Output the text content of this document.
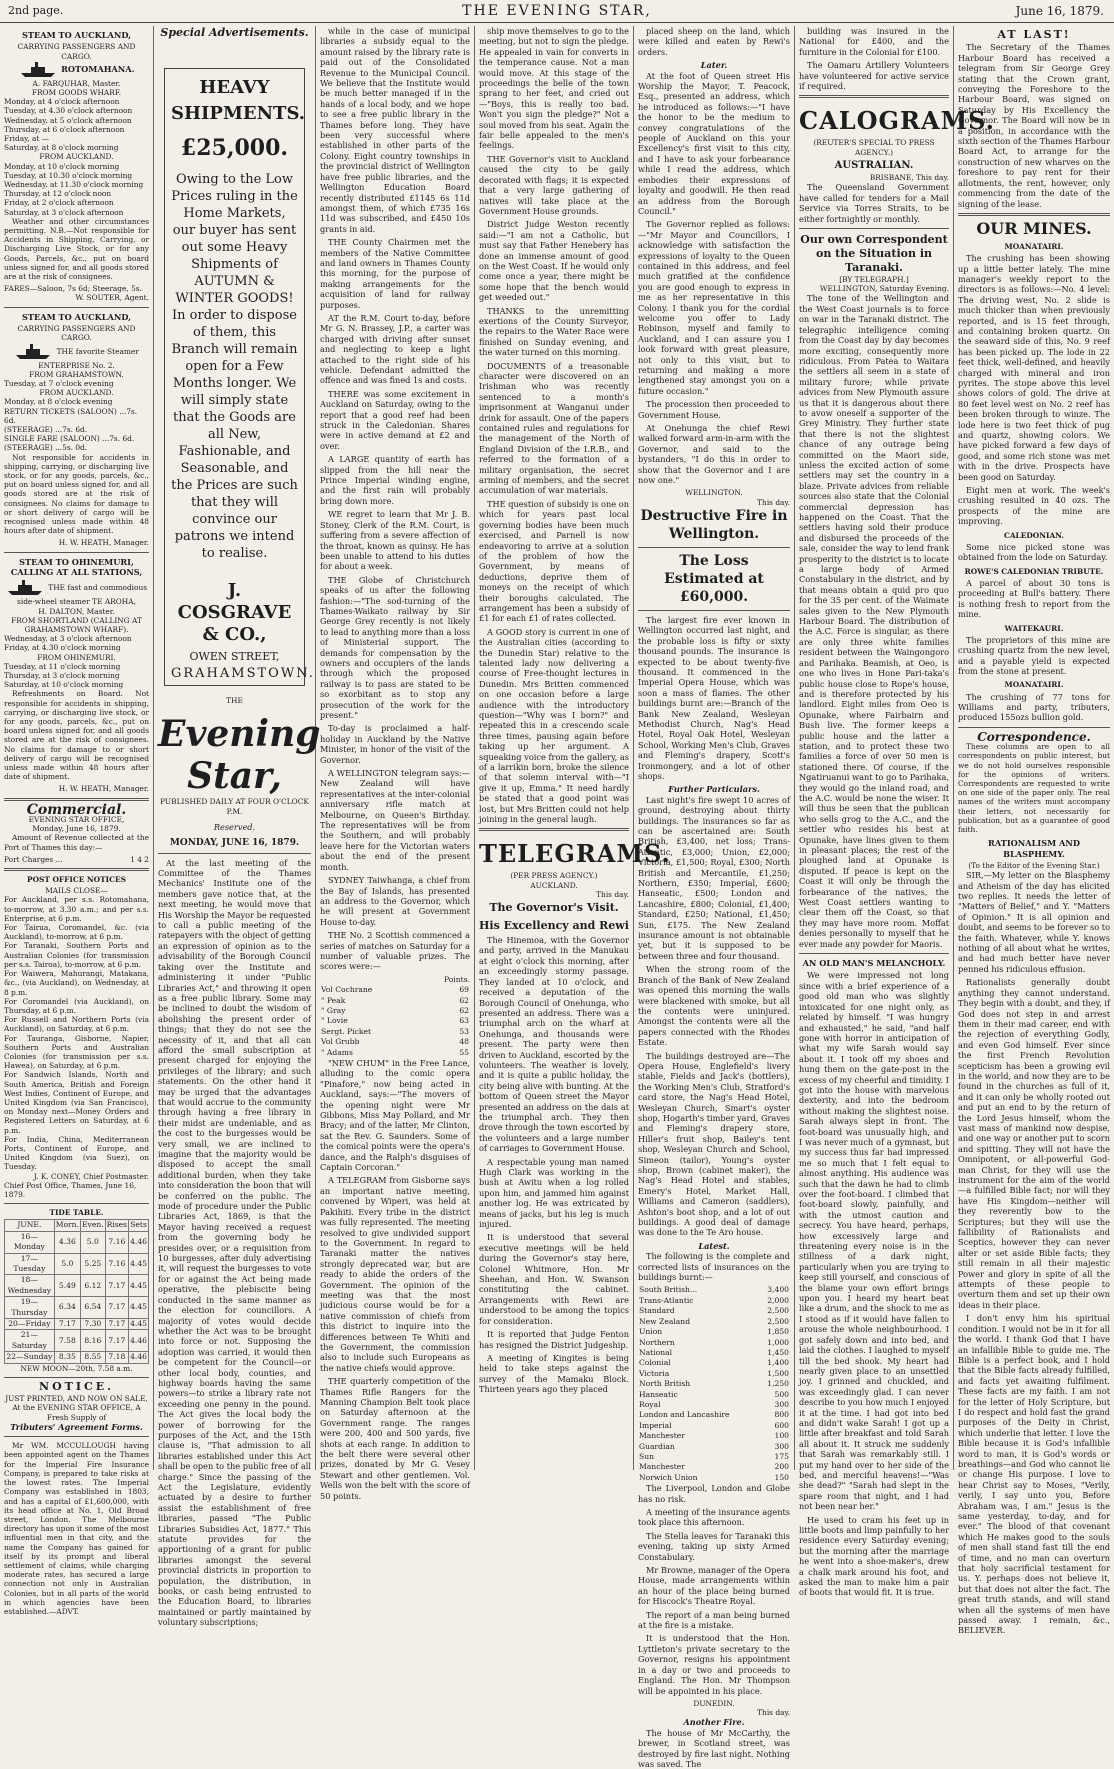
2nd page.	THE EVENING STAR,	June 16, 1879.
STEAM TO AUCKLAND,
CARRYING PASSENGERS AND CARGO.
ROTOMAHANA.
A. FARQUHAR, Master.
FROM GOODS WHARF.
Monday, at 4 o'clock afternoon
Tuesday, at 4.30 o'clock afternoon
Wednesday, at 5 o'clock afternoon
Thursday, at 6 o'clock afternoon
Friday, at —
Saturday, at 8 o'clock morning
FROM AUCKLAND.
Monday, at 10 o'clock morning
Tuesday, at 10.30 o'clock morning
Wednesday, at 11.30 o'clock morning
Thursday, at 12 o'clock noon
Friday, at 2 o'clock afternoon
Saturday, at 3 o'clock afternoon

Weather and other circumstances permitting. N.B.—Not responsible for Accidents in Shipping, Carrying, or Discharging Live Stock, or for any Goods, Parcels, &c., put on board unless signed for, and all goods stored are at the risk of consignees.

FARES—Saloon, 7s 6d; Steerage, 5s.
W. SOUTER, Agent.
STEAM TO AUCKLAND,
CARRYING PASSENGERS AND CARGO.
THE favorite Steamer ENTERPRISE No. 2.
FROM GRAHAMSTOWN.
Tuesday, at 7 o'clock evening
FROM AUCKLAND.
Monday, at 8 o'clock evening
RETURN TICKETS (SALOON) ...7s. 6d.
(STEERAGE) ...7s. 6d.
SINGLE FARE (SALOON) ...7s. 6d.
(STEERAGE) ...5s. 0d.

Not responsible for accidents in shipping, carrying, or discharging live stock, or for any goods, parcels, &c., put on board unless signed for, and all goods stored are at the risk of consignees. No claims for damage to or short delivery of cargo will be recognised unless made within 48 hours after date of shipment.

H. W. HEATH, Manager.
STEAM TO OHINEMURI, CALLING AT ALL STATIONS,
THE fast and commodious side-wheel steamer TE AROHA,
H. DALTON, Master.
FROM SHORTLAND (CALLING AT GRAHAMSTOWN WHARF).
Wednesday, at 3 o'clock afternoon
Friday, at 4.30 o'clock morning
FROM OHINEMURI.
Tuesday, at 11 o'clock morning
Thursday, at 3 o'clock morning
Saturday, at 10 o'clock morning

Refreshments on Board. Not responsible for accidents in shipping, carrying, or discharging live stock, or for any goods, parcels, &c., put on board unless signed for, and all goods stored are at the risk of consignees. No claims for damage to or short delivery of cargo will be recognised unless made within 48 hours after date of shipment.

H. W. HEATH, Manager.
Commercial.
EVENING STAR OFFICE,
Monday, June 16, 1879.

Amount of Revenue collected at the Port of Thames this day:—

Port Charges ...	1 4 2
POST OFFICE NOTICES
MAILS CLOSE—
For Auckland, per s.s. Rotomahana, to-morrow, at 3.30 a.m.; and per s.s. Enterprise, at 6 p.m.
For Tairua, Coromandel, &c. (via Auckland), to-morrow, at 6 p.m.
For Taranaki, Southern Ports and Australian Colonies (for transmission per s.s. Tairoa), to-morrow, at 6 p.m.
For Waiwera, Mahurangi, Matakana, &c., (via Auckland), on Wednesday, at 8 p.m.
For Coromandel (via Auckland), on Thursday, at 6 p.m.
For Russell and Northern Ports (via Auckland), on Saturday, at 6 p.m.
For Tauranga, Gisborne, Napier, Southern Ports and Australian Colonies (for transmission per s.s. Hawea), on Saturday, at 6 p.m.
For Sandwich Islands, North and South America, British and Foreign West Indies, Continent of Europe, and United Kingdom (via San Francisco), on Monday next—Money Orders and Registered Letters on Saturday, at 6 p.m.
For India, China, Mediterranean Ports, Continent of Europe, and United Kingdom (via Suez), on Tuesday.
J. K. CONEY, Chief Postmaster.
Chief Post Office, Thames, June 16, 1879.
TIDE TABLE.
JUNE.	Morn.	Even.	Rises	Sets
16—Monday	4.36	5.0	7.16	4.46
17—Tuesday	5.0	5.25	7.16	4.45
18—Wednesday	5.49	6.12	7.17	4.45
19—Thursday	6.34	6.54	7.17	4.45
20—Friday	7.17	7.30	7.17	4.45
21—Saturday	7.58	8.16	7.17	4.46
22—Sunday	8.35	8.55	7.18	4.46
NEW MOON—20th, 7.58 a.m.
NOTICE.
JUST PRINTED, AND NOW ON SALE, At the EVENING STAR OFFICE, A Fresh Supply of
Tributers' Agreement Forms.

Mr WM. MCCULLOUGH having been appointed agent on the Thames for the Imperial Fire Insurance Company, is prepared to take risks at the lowest rates. The Imperial Company was established in 1803, and has a capital of £1,600,000, with its head office at No. 1, Old Broad street, London. The Melbourne directory has upon it some of the most influential men in that city, and the name the Company has gained for itself by its prompt and liberal settlement of claims, while charging moderate rates, has secured a large connection not only in Australian Colonies, but in all parts of the world in which agencies have been established.—ADVT.

Special Advertisements.
HEAVY SHIPMENTS.
£25,000.
Owing to the Low Prices ruling in the Home Markets, our buyer has sent out some Heavy Shipments of AUTUMN & WINTER GOODS! In order to dispose of them, this Branch will remain open for a Few Months longer. We will simply state that the Goods are all New, Fashionable, and Seasonable, and the Prices are such that they will convince our patrons we intend to realise.
J. COSGRAVE & CO.,
OWEN STREET,
GRAHAMSTOWN.
THE
Evening Star,
PUBLISHED DAILY AT FOUR O'CLOCK P.M.
Reserved.
MONDAY, JUNE 16, 1879.

At the last meeting of the Committee of the Thames Mechanics' Institute one of the members gave notice that, at the next meeting, he would move that His Worship the Mayor be requested to call a public meeting of the ratepayers with the object of getting an expression of opinion as to the advisability of the Borough Council taking over the Institute and administering it under "Public Libraries Act," and throwing it open as a free public library. Some may be inclined to doubt the wisdom of abolishing the present order of things; that they do not see the necessity of it, and that all can afford the small subscription at present charged for enjoying the privileges of the library; and such statements. On the other hand it may be urged that the advantages that would accrue to the community through having a free library in their midst are undeniable, and as the cost to the burgesses would be very small, we are inclined to imagine that the majority would be disposed to accept the small additional burden, when they take into consideration the boon that will be conferred on the public. The mode of procedure under the Public Libraries Act, 1869, is that the Mayor having received a request from the governing body he presides over, or a requisition from 10 burgesses, after duly advertising it, will request the burgesses to vote for or against the Act being made operative, the plebiscite being conducted in the same manner as the election for councillors. A majority of votes would decide whether the Act was to be brought into force or not. Supposing the adoption was carried, it would then be competent for the Council—or other local body, counties, and highway boards having the same powers—to strike a library rate not exceeding one penny in the pound. The Act gives the local body the power of borrowing for the purposes of the Act, and the 15th clause is, "That admission to all libraries established under this Act shall be open to the public free of all charge." Since the passing of the Act the Legislature, evidently actuated by a desire to further assist the establishment of free libraries, passed "The Public Libraries Subsidies Act, 1877." This statute provides for the apportioning of a grant for public libraries amongst the several provincial districts in proportion to population, the distribution, in books, or cash being entrusted to the Education Board, to libraries maintained or partly maintained by voluntary subscriptions;

while in the case of municipal libraries a subsidy equal to the amount raised by the library rate is paid out of the Consolidated Revenue to the Municipal Council. We believe that the Institute would be much better managed if in the hands of a local body, and we hope to see a free public library in the Thames before long. They have been very successful where established in other parts of the Colony. Eight country townships in the provincial district of Wellington have free public libraries, and the Wellington Education Board recently distributed £1145 6s 11d amongst them, of which £735 16s 11d was subscribed, and £450 10s grants in aid.

THE County Chairmen met the members of the Native Committee and land owners in Thames County this morning, for the purpose of making arrangements for the acquisition of land for railway purposes.

AT the R.M. Court to-day, before Mr G. N. Brassey, J.P., a carter was charged with driving after sunset and neglecting to keep a light attached to the right side of his vehicle. Defendant admitted the offence and was fined 1s and costs.

THERE was some excitement in Auckland on Saturday, owing to the report that a good reef had been struck in the Caledonian. Shares were in active demand at £2 and over.

A LARGE quantity of earth has slipped from the hill near the Prince Imperial winding engine, and the first rain will probably bring down more.

WE regret to learn that Mr J. B. Stoney, Clerk of the R.M. Court, is suffering from a severe affection of the throat, known as quinsy. He has been unable to attend to his duties for about a week.

THE Globe of Christchurch speaks of us after the following fashion:—"The sod-turning of the Thames-Waikato railway by Sir George Grey recently is not likely to lead to anything more than a loss of Ministerial support. The demands for compensation by the owners and occupiers of the lands through which the proposed railway is to pass are stated to be so exorbitant as to stop any prosecution of the work for the present."

To-day is proclaimed a half-holiday in Auckland by the Native Minister, in honor of the visit of the Governor.

A WELLINGTON telegram says:—New Zealand will have representatives at the inter-colonial anniversary rifle match at Melbourne, on Queen's Birthday. The representatives will be from the Southern, and will probably leave here for the Victorian waters about the end of the present month.

SYDNEY Taiwhanga, a chief from the Bay of Islands, has presented an address to the Governor, which he will present at Government House to-day.

THE No. 2 Scottish commenced a series of matches on Saturday for a number of valuable prizes. The scores were:—

Points.
Vol Cochrane	69
" Peak	62
" Gray	62
" Lovie	63
Sergt. Picket	53
Vol Grubb	48
" Adams	55

"NEW CHUM" in the Free Lance, alluding to the comic opera "Pinafore," now being acted in Auckland, says:—"The movers of the opening night were Mr Gibbons, Miss May Pollard, and Mr Bracy; and of the latter, Mr Clinton, sat the Rev. G. Saunders. Some of the comical points were the opera's dance, and the Ralph's disguises of Captain Corcoran."

A TELEGRAM from Gisborne says an important native meeting, convened by Wiperi, was held at Pakihiti. Every tribe in the district was fully represented. The meeting resolved to give undivided support to the Government. In regard to Taranaki matter the natives strongly deprecated war, but are ready to abide the orders of the Government. The opinion of the meeting was that the most judicious course would be for a native commission of chiefs from this district to inquire into the differences between Te Whiti and the Government, the commission also to include such Europeans as the native chiefs would approve.

THE quarterly competition of the Thames Rifle Rangers for the Manning Champion Belt took place on Saturday afternoon at the Government range. The ranges were 200, 400 and 500 yards, five shots at each range. In addition to the belt there were several other prizes, donated by Mr G. Vesey Stewart and other gentlemen. Vol. Wells won the belt with the score of 50 points.

ship move themselves to go to the meeting, but not to sign the pledge. He appealed in vain for converts in the temperance cause. Not a man would move. At this stage of the proceedings the belle of the town sprang to her feet, and cried out—"Boys, this is really too bad. Won't you sign the pledge?" Not a soul moved from his seat. Again the fair belle appealed to the men's feelings.

THE Governor's visit to Auckland caused the city to be gaily decorated with flags; it is expected that a very large gathering of natives will take place at the Government House grounds.

District Judge Weston recently said:—"I am not a Catholic, but must say that Father Henebery has done an immense amount of good on the West Coast. If he would only come once a year, there might be some hope that the bench would get weeded out."

THANKS to the unremitting exertions of the County Surveyor, the repairs to the Water Race were finished on Sunday evening, and the water turned on this morning.

DOCUMENTS of a treasonable character were discovered on an Irishman who was recently sentenced to a month's imprisonment at Wanganui under drink for assault. One of the papers contained rules and regulations for the management of the North of England Division of the I.R.B., and referred to the formation of a military organisation, the secret arming of members, and the secret accumulation of war materials.

THE question of subsidy is one on which for years past local governing bodies have been much exercised, and Parnell is now endeavoring to arrive at a solution of the problem of how the Government, by means of deductions, deprive them of moneys on the receipt of which their boroughs calculated. The arrangement has been a subsidy of £1 for each £1 of rates collected.

A GOOD story is current in one of the Australian cities (according to the Dunedin Star) relative to the talented lady now delivering a course of Free-thought lectures in Dunedin. Mrs Britten commenced on one occasion before a large audience with the introductory question—"Why was I born?" and repeated this in a crescendo scale three times, pausing again before taking up her argument. A squeaking voice from the gallery, as of a larrikin born, broke the silence of that solemn interval with—"I give it up, Emma." It need hardly be stated that a good point was lost, but Mrs Britten could not help joining in the general laugh.

TELEGRAMS.
(PER PRESS AGENCY.)
AUCKLAND.
This day.
The Governor's Visit.
His Excellency and Rewi

The Hinemoa, with the Governor and party, arrived in the Manukau at eight o'clock this morning, after an exceedingly stormy passage. They landed at 10 o'clock, and received a deputation of the Borough Council of Onehunga, who presented an address. There was a triumphal arch on the wharf at Onehunga, and thousands were present. The party were then driven to Auckland, escorted by the volunteers. The weather is lovely, and it is quite a public holiday, the city being alive with bunting. At the bottom of Queen street the Mayor presented an address on the dais at the triumphal arch. They then drove through the town escorted by the volunteers and a large number of carriages to Government House.

A respectable young man named Hugh Clark was working in the bush at Awitu when a log rolled upon him, and jammed him against another log. He was extricated by means of jacks, but his leg is much injured.

It is understood that several executive meetings will be held during the Governor's stay here, Colonel Whitmore, Hon. Mr Sheehan, and Hon. W. Swanson constituting the cabinet. Arrangements with Rewi are understood to be among the topics for consideration.

It is reported that Judge Fenton has resigned the District Judgeship.

A meeting of Kingites is being held to take steps against the survey of the Mamaku Block. Thirteen years ago they placed

placed sheep on the land, which were killed and eaten by Rewi's orders.

Later.

At the foot of Queen street His Worship the Mayor, T. Peacock, Esq., presented an address, which he introduced as follows:—"I have the honor to be the medium to convey congratulations of the people of Auckland on this your Excellency's first visit to this city, and I have to ask your forbearance while I read the address, which embodies their expressions of loyalty and goodwill. He then read an address from the Borough Council."

The Governor replied as follows:—"Mr Mayor and Councillors, I acknowledge with satisfaction the expressions of loyalty to the Queen contained in this address, and feel much gratified at the confidence you are good enough to express in me as her representative in this Colony. I thank you for the cordial welcome you offer to Lady Robinson, myself and family to Auckland, and I can assure you I look forward with great pleasure, not only to this visit, but to returning and making a more lengthened stay amongst you on a future occasion."

The procession then proceeded to Government House.

At Onehunga the chief Rewi walked forward arm-in-arm with the Governor, and said to the bystanders, "I do this in order to show that the Governor and I are now one."

WELLINGTON.
This day.
Destructive Fire in Wellington.
The Loss Estimated at £60,000.

The largest fire ever known in Wellington occurred last night, and the probable loss is fifty or sixty thousand pounds. The insurance is expected to be about twenty-five thousand. It commenced in the Imperial Opera House, which was soon a mass of flames. The other buildings burnt are:—Branch of the Bank New Zealand, Wesleyan Methodist Church, Nag's Head Hotel, Royal Oak Hotel, Wesleyan School, Working Men's Club, Graves and Fleming's drapery, Scott's Ironmongery, and a lot of other shops.

Further Particulars.

Last night's fire swept 10 acres of ground, destroying about thirty buildings. The insurances so far as can be ascertained are: South British, £3,400, net loss; Trans-Atlantic, £3,000; Union, £2,000; Victoria, £1,500; Royal, £300; North British and Mercantile, £1,250; Northern, £350; Imperial, £600; Hanseatic, £500; London and Lancashire, £800; Colonial, £1,400; Standard, £250; National, £1,450; Sun, £175. The New Zealand insurance amount is not obtainable yet, but it is supposed to be between three and four thousand.

When the strong room of the Branch of the Bank of New Zealand was opened this morning the walls were blackened with smoke, but all the contents were uninjured. Amongst the contents were all the papers connected with the Rhodes Estate.

The buildings destroyed are—The Opera House, Englefield's livery stable, Fields and Jack's (bottlers), the Working Men's Club, Stratford's card store, the Nag's Head Hotel, Wesleyan Church, Smart's oyster shop, Hogarth's timber yard, Graves and Fleming's drapery store, Hiller's fruit shop, Bailey's tent shop, Wesleyan Church and School, Simeon (tailor), Young's oyster shop, Brown (cabinet maker), the Nag's Head Hotel and stables, Emery's Hotel, Market Hall, Williams and Cameron (saddlers), Ashton's boot shop, and a lot of out buildings. A good deal of damage was done to the Te Aro house.

Latest.

The following is the complete and corrected lists of insurances on the buildings burnt:—

South British...	3,400
Trans-Atlantic	2,000
Standard	2,500
New Zealand	2,500
Union	1,850
Northern	1,000
National	1,450
Colonial	1,400
Victoria	1,500
North British	1,250
Hanseatic	500
Royal	300
London and Lancashire	800
Imperial	600
Manchester	100
Guardian	300
Sun	175
Manchester	200
Norwich Union	150

The Liverpool, London and Globe has no risk.

A meeting of the insurance agents took place this afternoon.

The Stella leaves for Taranaki this evening, taking up sixty Armed Constabulary.

Mr Browne, manager of the Opera House, made arrangements within an hour of the place being burned for Hiscock's Theatre Royal.

The report of a man being burned at the fire is a mistake.

It is understood that the Hon. Lyttleton's private secretary to the Governor, resigns his appointment in a day or two and proceeds to England. The Hon. Mr Thompson will be appointed in his place.

DUNEDIN.
This day.
Another Fire.

The house of Mr McCarthy, the brewer, in Scotland street, was destroyed by fire last night. Nothing was saved. The

building was insured in the National for £400, and the furniture in the Colonial for £100.

The Oamaru Artillery Volunteers have volunteered for active service if required.

CALOGRAMS.
(REUTER'S SPECIAL TO PRESS AGENCY.)
AUSTRALIAN.
BRISBANE, This day.

The Queensland Government have called for tenders for a Mail Service via Torres Straits, to be either fortnightly or monthly.

Our own Correspondent on the Situation in Taranaki.
[BY TELEGRAPH.]
WELLINGTON, Saturday Evening.

The tone of the Wellington and the West Coast journals is to force on war in the Taranaki district. The telegraphic intelligence coming from the Coast day by day becomes more exciting, consequently more ridiculous. From Patea to Waitara the settlers all seem in a state of military furore; while private advices from New Plymouth assure us that it is dangerous about there to avow oneself a supporter of the Grey Ministry. They further state that there is not the slightest chance of any outrage being committed on the Maori side, unless the excited action of some settlers may set the country in a blaze. Private advices from reliable sources also state that the Colonial commercial depression has happened on the Coast. That the settlers having sold their produce and disbursed the proceeds of the sale, consider the way to lend frank prosperity to the district is to locate a large body of Armed Constabulary in the district, and by that means obtain a quid pro quo for the 35 per cent. of the Waimate sales given to the New Plymouth Harbour Board. The distribution of the A.C. Force is singular, as there are only three white families resident between the Waingongoro and Parihaka. Beamish, at Oeo, is one who lives in Hone Pari-taka's public house close to Rope's house, and is therefore protected by his landlord. Eight miles from Oeo is Opunake, where Fairbairn and Bush live. The former keeps a public house and the latter a station, and to protect these two families a force of over 50 men is stationed there. Of course, if the Ngatiruanui want to go to Parihaka, they would go the inland road, and the A.C. would be none the wiser. It will thus be seen that the publican who sells grog to the A.C., and the settler who resides his best at Opunake, have lines given to them in pleasant places; the rest of the ploughed land at Opunake is disputed. If peace is kept on the Coast it will only be through the forbearance of the natives, the West Coast settlers wanting to clear them off the Coast, so that they may have more room. Moffat denies personally to myself that he ever made any powder for Maoris.

AN OLD MAN'S MELANCHOLY.

We were impressed not long since with a brief experience of a good old man who was slightly intoxicated for one night only, as related by himself. "I was hungry and exhausted," he said, "and half gone with horror in anticipation of what my wife Sarah would say about it. I took off my shoes and hung them on the gate-post in the excess of my cheerful and timidity. I got into the house with marvelous dexterity, and into the bedroom without making the slightest noise. Sarah always slept in front. The foot-board was unusually high, and I was never much of a gymnast, but my success thus far had impressed me so much that I felt equal to almost anything. His audience was such that the dawn he had to climb over the foot-board. I climbed that foot-board slowly, painfully, and with the utmost caution and secrecy. You have heard, perhaps, how excessively large and threatening every noise is in the stillness of a dark night, particularly when you are trying to keep still yourself, and conscious of the blame your own effort brings upon you. I heard my heart beat like a drum, and the shock to me as I stood as if it would have fallen to arouse the whole neighbourhood. I got safely down and into bed, and laid the clothes. I laughed to myself till the bed shook. My heart had nearly given place to an unsettled joy. I grinned and chuckled, and was exceedingly glad. I can never describe to you how much I enjoyed it at the time. I had got into bed and didn't wake Sarah! I got up a little after breakfast and told Sarah all about it. It struck me suddenly that Sarah was remarkably still. I put my hand over to her side of the bed, and merciful heavens!—"Was she dead?" "Sarah had slept in the spare room that night, and I had not been near her."

He used to cram his feet up in little boots and limp painfully to her residence every Saturday evening; but the morning after the marriage he went into a shoe-maker's, drew a chalk mark around his foot, and asked the man to make him a pair of boots that would fit. It is true.

AT LAST!

The Secretary of the Thames Harbour Board has received a telegram from Sir George Grey stating that the Crown grant, conveying the Foreshore to the Harbour Board, was signed on Saturday by His Excellency the Governor. The Board will now be in a position, in accordance with the sixth section of the Thames Harbour Board Act, to arrange for the construction of new wharves on the foreshore to pay rent for their allotments, the rent, however, only commencing from the date of the signing of the lease.

OUR MINES.
MOANATAIRI.

The crushing has been showing up a little better lately. The mine manager's weekly report to the directors is as follows:—No. 4 level: The driving west, No. 2 slide is much thicker than when previously reported, and is 15 feet through, and containing broken quartz. On the seaward side of this, No. 9 reef has been picked up. The lode in 22 feet thick, well-defined, and heavily charged with mineral and iron pyrites. The stope above this level shows colors of gold. The drive at 80 feet level west on No. 2 reef has been broken through to winze. The lode here is two feet thick of pug and quartz, showing colors. We have picked forward a few days of good, and some rich stone was met with in the drive. Prospects have been good on Saturday.

Eight men at work. The week's crushing resulted in 40 ozs. The prospects of the mine are improving.

CALEDONIAN.

Some nice picked stone was obtained from the lode on Saturday.

ROWE'S CALEDONIAN TRIBUTE.

A parcel of about 30 tons is proceeding at Bull's battery. There is nothing fresh to report from the mine.

WAITEKAURI.

The proprietors of this mine are crushing quartz from the new level, and a payable yield is expected from the stone at present.

MOANATAIRI.

The crushing of 77 tons for Williams and party, tributers, produced 155ozs bullion gold.

Correspondence.

These columns are open to all correspondents on public interest, but we do not hold ourselves responsible for the opinions of writers. Correspondents are requested to write on one side of the paper only. The real names of the writers must accompany their letters, not necessarily for publication, but as a guarantee of good faith.

RATIONALISM AND BLASPHEMY.
(To the Editor of the Evening Star.)

SIR,—My letter on the Blasphemy and Atheism of the day has elicited two replies. It needs the letter of "Matters of Belief," and Y. "Matters of Opinion." It is all opinion and doubt, and seems to be forever so to the faith. Whatever, while Y. knows nothing of all about what he writes, and had much better have never penned his ridiculous effusion.

Rationalists generally doubt anything they cannot understand. They begin with a doubt, and they, if God does not step in and arrest them in their mad career, end with the rejection of everything Godly, and even God himself. Ever since the first French Revolution scepticism has been a growing evil in the world, and now they are to be found in the churches as full of it, and it can only be wholly rooted out and put an end to by the return of the Lord Jesus himself, whom the vast mass of mankind now despise, and one way or another put to scorn and spitting. They will not have the Omnipotent, or all-powerful God-man Christ, for they will use the instrument for the aim of the world—a fulfilled Bible fact; nor will they have His Kingdom—neither will they reverently bow to the Scriptures; but they will use the fallibility of Rationalists and Sceptics, however they can never alter or set aside Bible facts; they still remain in all their majestic Power and glory in spite of all the attempts of these people to overturn them and set up their own ideas in their place.

I don't envy him his spiritual condition. I would not be in it for all the world. I thank God that I have an infallible Bible to guide me. The Bible is a perfect book, and I hold that the Bible facts already fulfilled, and facts yet awaiting fulfilment. These facts are my faith. I am not for the letter of Holy Scripture, but I do respect and hold fast the grand purposes of the Deity in Christ, which underlie that letter. I love the Bible because it is God's infallible word to man, it is God's words or breathings—and God who cannot lie or change His purpose. I love to hear Christ say to Moses, "Verily, verily, I say unto you, Before Abraham was, I am." Jesus is the same yesterday, to-day, and for ever." The blood of that covenant which He makes good to the souls of men shall stand fast till the end of time, and no man can overturn that holy sacrificial testament for us. Y. perhaps does not believe it, but that does not alter the fact. The great truth stands, and will stand when all the systems of men have passed away. I remain, &c., BELIEVER.
